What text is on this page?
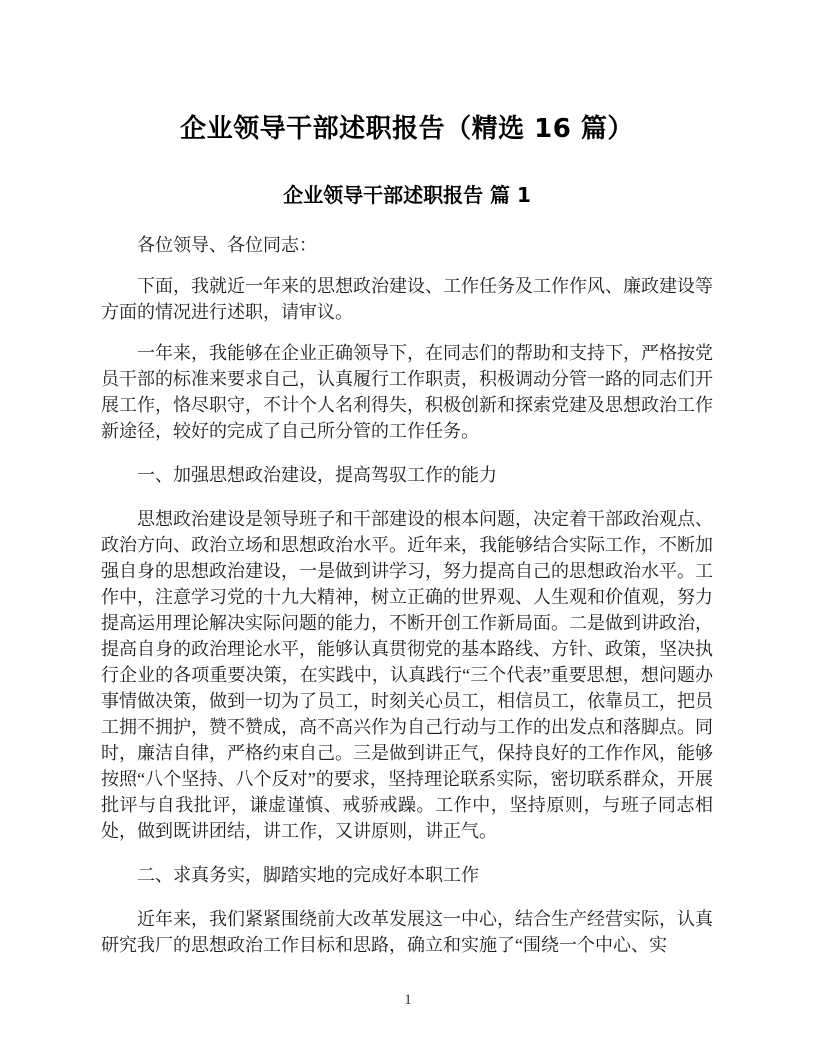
企业领导干部述职报告（精选 16 篇）
企业领导干部述职报告 篇 1

各位领导、各位同志：

下面，我就近一年来的思想政治建设、工作任务及工作作风、廉政建设等方面的情况进行述职，请审议。

一年来，我能够在企业正确领导下，在同志们的帮助和支持下，严格按党员干部的标准来要求自己，认真履行工作职责，积极调动分管一路的同志们开展工作，恪尽职守，不计个人名利得失，积极创新和探索党建及思想政治工作新途径，较好的完成了自己所分管的工作任务。

一、加强思想政治建设，提高驾驭工作的能力

思想政治建设是领导班子和干部建设的根本问题，决定着干部政治观点、政治方向、政治立场和思想政治水平。近年来，我能够结合实际工作，不断加强自身的思想政治建设，一是做到讲学习，努力提高自己的思想政治水平。工作中，注意学习党的十九大精神，树立正确的世界观、人生观和价值观，努力提高运用理论解决实际问题的能力，不断开创工作新局面。二是做到讲政治，提高自身的政治理论水平，能够认真贯彻党的基本路线、方针、政策，坚决执行企业的各项重要决策，在实践中，认真践行“三个代表”重要思想，想问题办事情做决策，做到一切为了员工，时刻关心员工，相信员工，依靠员工，把员工拥不拥护，赞不赞成，高不高兴作为自己行动与工作的出发点和落脚点。同时，廉洁自律，严格约束自己。三是做到讲正气，保持良好的工作作风，能够按照“八个坚持、八个反对”的要求，坚持理论联系实际，密切联系群众，开展批评与自我批评，谦虚谨慎、戒骄戒躁。工作中，坚持原则，与班子同志相处，做到既讲团结，讲工作，又讲原则，讲正气。

二、求真务实，脚踏实地的完成好本职工作

近年来，我们紧紧围绕前大改革发展这一中心，结合生产经营实际，认真研究我厂的思想政治工作目标和思路，确立和实施了“围绕一个中心、实

1
